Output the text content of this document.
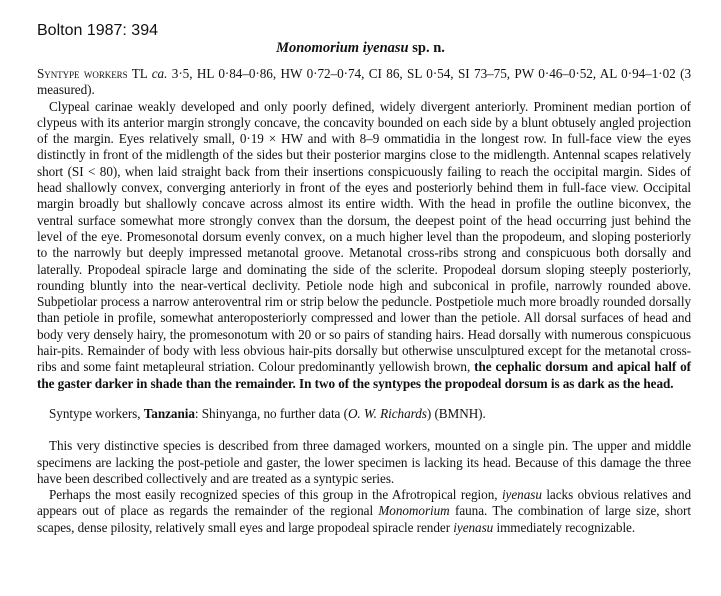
Bolton 1987: 394
Monomorium iyenasu sp. n.

Syntype workers TL ca. 3·5, HL 0·84–0·86, HW 0·72–0·74, CI 86, SL 0·54, SI 73–75, PW 0·46–0·52, AL 0·94–1·02 (3 measured).

Clypeal carinae weakly developed and only poorly defined, widely divergent anteriorly. Prominent median portion of clypeus with its anterior margin strongly concave, the concavity bounded on each side by a blunt obtusely angled projection of the margin. Eyes relatively small, 0·19 × HW and with 8–9 ommatidia in the longest row. In full-face view the eyes distinctly in front of the midlength of the sides but their posterior margins close to the midlength. Antennal scapes relatively short (SI < 80), when laid straight back from their insertions conspicuously failing to reach the occipital margin. Sides of head shallowly convex, converging anteriorly in front of the eyes and posteriorly behind them in full-face view. Occipital margin broadly but shallowly concave across almost its entire width. With the head in profile the outline biconvex, the ventral surface somewhat more strongly convex than the dorsum, the deepest point of the head occurring just behind the level of the eye. Promesonotal dorsum evenly convex, on a much higher level than the propodeum, and sloping posteriorly to the narrowly but deeply impressed metanotal groove. Metanotal cross-ribs strong and conspicuous both dorsally and laterally. Propodeal spiracle large and dominating the side of the sclerite. Propodeal dorsum sloping steeply posteriorly, rounding bluntly into the near-vertical declivity. Petiole node high and subconical in profile, narrowly rounded above. Subpetiolar process a narrow anteroventral rim or strip below the peduncle. Postpetiole much more broadly rounded dorsally than petiole in profile, somewhat anteroposteriorly compressed and lower than the petiole. All dorsal surfaces of head and body very densely hairy, the promesonotum with 20 or so pairs of standing hairs. Head dorsally with numerous conspicuous hair-pits. Remainder of body with less obvious hair-pits dorsally but otherwise unsculptured except for the metanotal cross-ribs and some faint metapleural striation. Colour predominantly yellowish brown, the cephalic dorsum and apical half of the gaster darker in shade than the remainder. In two of the syntypes the propodeal dorsum is as dark as the head.

Syntype workers, Tanzania: Shinyanga, no further data (O. W. Richards) (BMNH).

This very distinctive species is described from three damaged workers, mounted on a single pin. The upper and middle specimens are lacking the post-petiole and gaster, the lower specimen is lacking its head. Because of this damage the three have been described collectively and are treated as a syntypic series.

Perhaps the most easily recognized species of this group in the Afrotropical region, iyenasu lacks obvious relatives and appears out of place as regards the remainder of the regional Monomorium fauna. The combination of large size, short scapes, dense pilosity, relatively small eyes and large propodeal spiracle render iyenasu immediately recognizable.
